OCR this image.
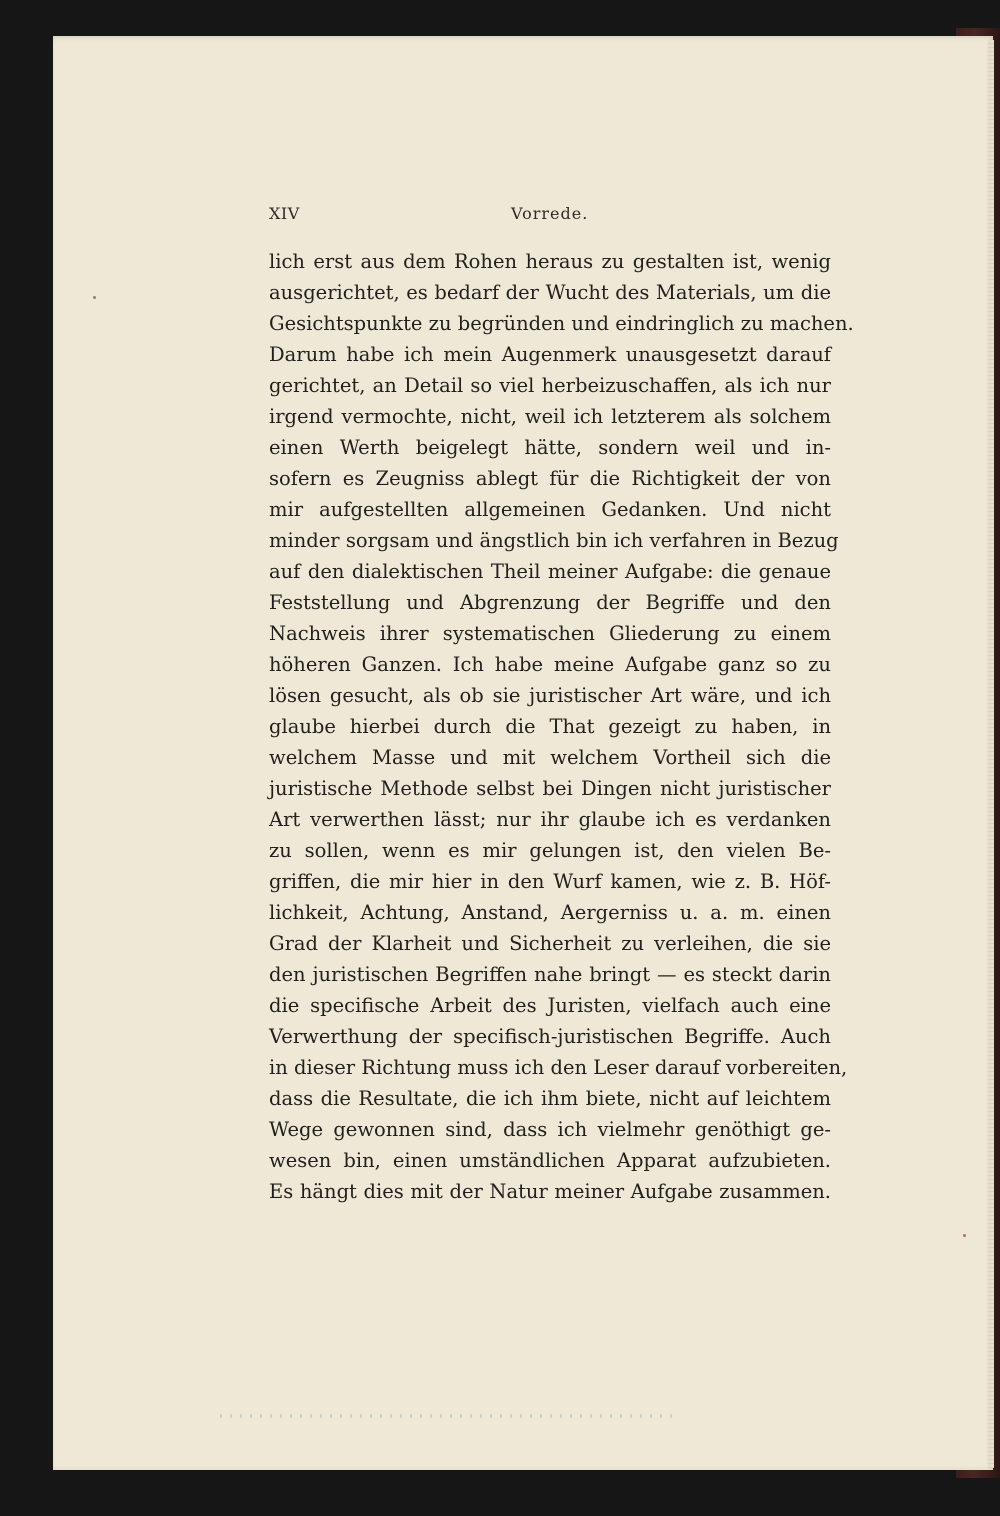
XIV	Vorrede.
lich erst aus dem Rohen heraus zu gestalten ist, wenig
ausgerichtet, es bedarf der Wucht des Materials, um die
Gesichtspunkte zu begründen und eindringlich zu machen.
Darum habe ich mein Augenmerk unausgesetzt darauf
gerichtet, an Detail so viel herbeizuschaffen, als ich nur
irgend vermochte, nicht, weil ich letzterem als solchem
einen Werth beigelegt hätte, sondern weil und in-
sofern es Zeugniss ablegt für die Richtigkeit der von
mir aufgestellten allgemeinen Gedanken. Und nicht
minder sorgsam und ängstlich bin ich verfahren in Bezug
auf den dialektischen Theil meiner Aufgabe: die genaue
Feststellung und Abgrenzung der Begriffe und den
Nachweis ihrer systematischen Gliederung zu einem
höheren Ganzen. Ich habe meine Aufgabe ganz so zu
lösen gesucht, als ob sie juristischer Art wäre, und ich
glaube hierbei durch die That gezeigt zu haben, in
welchem Masse und mit welchem Vortheil sich die
juristische Methode selbst bei Dingen nicht juristischer
Art verwerthen lässt; nur ihr glaube ich es verdanken
zu sollen, wenn es mir gelungen ist, den vielen Be-
griffen, die mir hier in den Wurf kamen, wie z. B. Höf-
lichkeit, Achtung, Anstand, Aergerniss u. a. m. einen
Grad der Klarheit und Sicherheit zu verleihen, die sie
den juristischen Begriffen nahe bringt — es steckt darin
die specifische Arbeit des Juristen, vielfach auch eine
Verwerthung der specifisch-juristischen Begriffe. Auch
in dieser Richtung muss ich den Leser darauf vorbereiten,
dass die Resultate, die ich ihm biete, nicht auf leichtem
Wege gewonnen sind, dass ich vielmehr genöthigt ge-
wesen bin, einen umständlichen Apparat aufzubieten.
Es hängt dies mit der Natur meiner Aufgabe zusammen.
